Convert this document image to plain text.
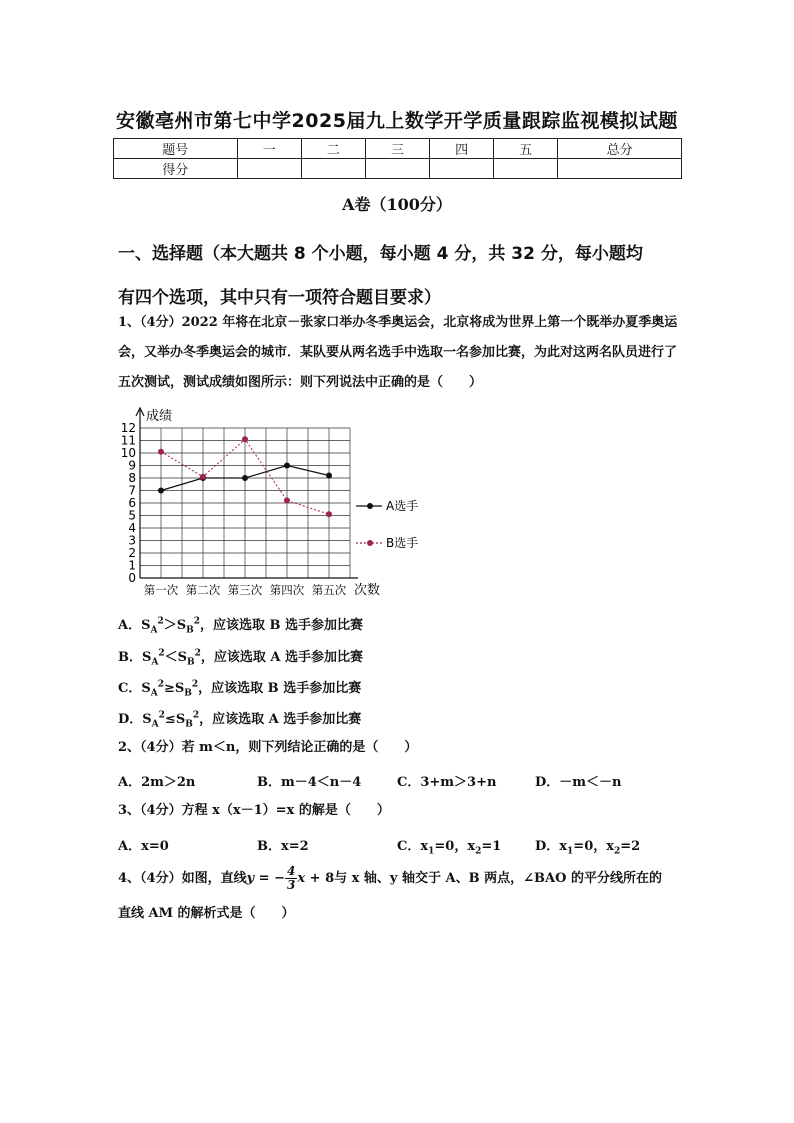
安徽亳州市第七中学2025届九上数学开学质量跟踪监视模拟试题
题号	一	二	三	四	五	总分
得分						
A卷（100分）
一、选择题（本大题共 8 个小题，每小题 4 分，共 32 分，每小题均
有四个选项，其中只有一项符合题目要求）
1、（4分）2022 年将在北京－张家口举办冬季奥运会，北京将成为世界上第一个既举办夏季奥运会，又举办冬季奥运会的城市．某队要从两名选手中选取一名参加比赛，为此对这两名队员进行了五次测试，测试成绩如图所示：则下列说法中正确的是（　　）
0
1
2
3
4
5
6
7
8
9
10
11
12
第一次 第二次 第三次 第四次 第五次
A选手
B选手
成绩
次数
A．$S_A^2>S_B^2$，应该选取 B 选手参加比赛
B．$S_A^2<S_B^2$，应该选取 A 选手参加比赛
C．$S_A^2\ge S_B^2$，应该选取 B 选手参加比赛
D．$S_A^2\le S_B^2$，应该选取 A 选手参加比赛
2、（4分）若 m＜n，则下列结论正确的是（　　）
A．2m＞2n	B．m－4＜n－4	C．3+m＞3+n	D．－m＜－n
3、（4分）方程 x（x－1）=x 的解是（　　）
A．x=0	B．x=2	C．$x_1=0$，$x_2=1$	D．$x_1=0$，$x_2=2$
4、（4分）如图，直线y = − $\frac{4}{3}$ x + 8与 x 轴、y 轴交于 A、B 两点，∠BAO 的平分线所在的
直线 AM 的解析式是（　　）
